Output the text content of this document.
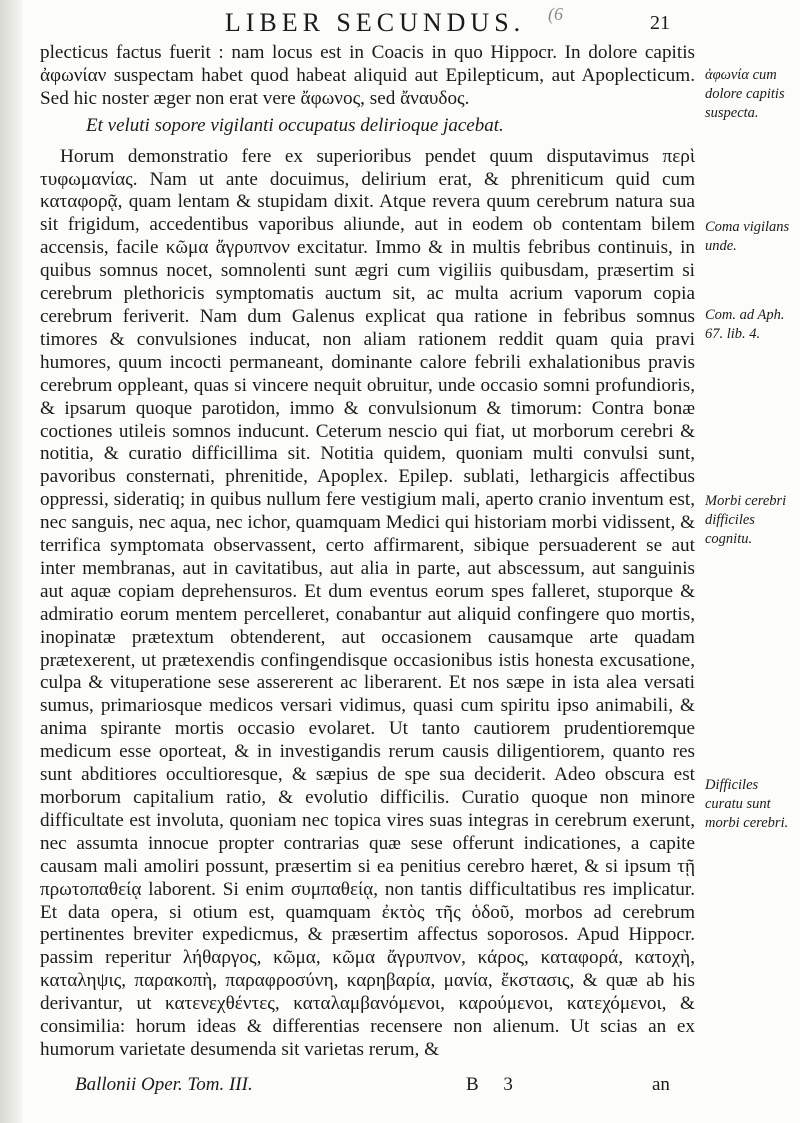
LIBER SECUNDUS.	(6	21

plecticus factus fuerit : nam locus est in Coacis in quo Hippocr. In dolore capitis ἀφωνίαν suspectam habet quod habeat aliquid aut Epilepticum, aut Apoplecticum. Sed hic noster æger non erat vere ἄφωνος, sed ἄναυδος.

Et veluti sopore vigilanti occupatus delirioque jacebat.

Horum demonstratio fere ex superioribus pendet quum disputavimus περὶ τυφωμανίας. Nam ut ante docuimus, delirium erat, & phreniticum quid cum καταφορᾷ, quam lentam & stupidam dixit. Atque revera quum cerebrum natura sua sit frigidum, accedentibus vaporibus aliunde, aut in eodem ob contentam bilem accensis, facile κῶμα ἄγρυπνον excitatur. Immo & in multis febribus continuis, in quibus somnus nocet, somnolenti sunt ægri cum vigiliis quibusdam, præsertim si cerebrum plethoricis symptomatis auctum sit, ac multa acrium vaporum copia cerebrum feriverit. Nam dum Galenus explicat qua ratione in febribus somnus timores & convulsiones inducat, non aliam rationem reddit quam quia pravi humores, quum incocti permaneant, dominante calore febrili exhalationibus pravis cerebrum oppleant, quas si vincere nequit obruitur, unde occasio somni profundioris, & ipsarum quoque parotidon, immo & convulsionum & timorum: Contra bonæ coctiones utileis somnos inducunt. Ceterum nescio qui fiat, ut morborum cerebri & notitia, & curatio difficillima sit. Notitia quidem, quoniam multi convulsi sunt, pavoribus consternati, phrenitide, Apoplex. Epilep. sublati, lethargicis affectibus oppressi, sideratiq; in quibus nullum fere vestigium mali, aperto cranio inventum est, nec sanguis, nec aqua, nec ichor, quamquam Medici qui historiam morbi vidissent, & terrifica symptomata observassent, certo affirmarent, sibique persuaderent se aut inter membranas, aut in cavitatibus, aut alia in parte, aut abscessum, aut sanguinis aut aquæ copiam deprehensuros. Et dum eventus eorum spes falleret, stuporque & admiratio eorum mentem percelleret, conabantur aut aliquid confingere quo mortis, inopinatæ prætextum obtenderent, aut occasionem causamque arte quadam prætexerent, ut prætexendis confingendisque occasionibus istis honesta excusatione, culpa & vituperatione sese assererent ac liberarent. Et nos sæpe in ista alea versati sumus, primariosque medicos versari vidimus, quasi cum spiritu ipso animabili, & anima spirante mortis occasio evolaret. Ut tanto cautiorem prudentioremque medicum esse oporteat, & in investigandis rerum causis diligentiorem, quanto res sunt abditiores occultioresque, & sæpius de spe sua deciderit. Adeo obscura est morborum capitalium ratio, & evolutio difficilis. Curatio quoque non minore difficultate est involuta, quoniam nec topica vires suas integras in cerebrum exerunt, nec assumta innocue propter contrarias quæ sese offerunt indicationes, a capite causam mali amoliri possunt, præsertim si ea penitius cerebro hæret, & si ipsum τῇ πρωτοπαθείᾳ laborent. Si enim συμπαθείᾳ, non tantis difficultatibus res implicatur. Et data opera, si otium est, quamquam ἐκτὸς τῆς ὁδοῦ, morbos ad cerebrum pertinentes breviter expedicmus, & præsertim affectus soporosos. Apud Hippocr. passim reperitur λήθαργος, κῶμα, κῶμα ἄγρυπνον, κάρος, καταφορά, κατοχὴ, καταληψις, παρακοπὴ, παραφροσύνη, καρηβαρία, μανία, ἔκστασις, & quæ ab his derivantur, ut κατενεχθέντες, καταλαμβανόμενοι, καρούμενοι, κατεχόμενοι, & consimilia: horum ideas & differentias recensere non alienum. Ut scias an ex humorum varietate desumenda sit varietas rerum, &

ἀφωνία cum dolore capitis suspecta.
Coma vigilans unde.
Com. ad Aph. 67. lib. 4.
Morbi cerebri difficiles cognitu.
Difficiles curatu sunt morbi cerebri.
Ballonii Oper. Tom. III.	B 3	an
